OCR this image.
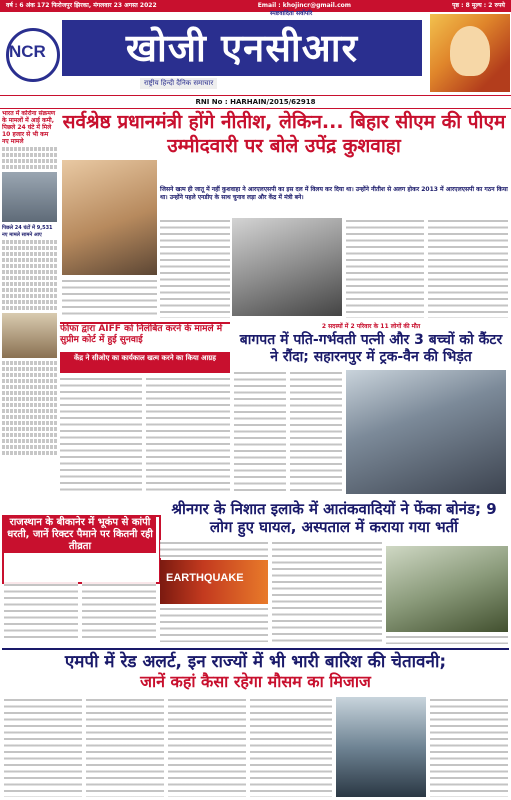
वर्ष : 6 अंक 172 फिरोजपुर झिरका, मंगलवार 23 अगस्त 2022	Email : khojincr@gmail.com	पृष्ठ : 8 मूल्य : 2 रुपये
NCR	खोजी एनसीआर
स्पष्टवादिता सर्वोपरि
राष्ट्रीय हिन्दी दैनिक समाचार
RNI No : HARHAIN/2015/62918
भारत में कोरोना संक्रमण के मामलों में आई कमी, पिछले 24 घंटे में मिले 10 हजार से भी कम नए मामले
पिछले 24 घंटों में 9,531 नए मामले सामने आए
सर्वश्रेष्ठ प्रधानमंत्री होंगे नीतीश, लेकिन... बिहार सीएम की पीएम उम्मीदवारी पर बोले उपेंद्र कुशवाहा
जिसने खत्म ही जातू में नहीं कुशवाहा ने आरएलएसपी का इस दल में विलय कर दिया था। उन्होंने नीतीश से अलग होकर 2013 में आरएलएसपी का गठन किया था। उन्होंने पहले एनडीए के साथ चुनाव लड़ा और केंद्र में मंत्री बने।
फीफा द्वारा AIFF को निलंबित करने के मामले में सुप्रीम कोर्ट में हुई सुनवाई
केंद्र ने सीओए का कार्यकाल खत्म करने का किया आग्रह
2 सदस्यों में 2 परिवार के 11 लोगों की मौत
बागपत में पति-गर्भवती पत्नी और 3 बच्चों को कैंटर ने रौंदा; सहारनपुर में ट्रक-वैन की भिड़ंत
श्रीनगर के निशात इलाके में आतंकवादियों ने फेंका बोनंड; 9 लोग हुए घायल, अस्पताल में कराया गया भर्ती
राजस्थान के बीकानेर में भूकंप से कांपी धरती, जानें रिक्टर पैमाने पर कितनी रही तीव्रता
EARTHQUAKE
एमपी में रेड अलर्ट, इन राज्यों में भी भारी बारिश की चेतावनी;
जानें कहां कैसा रहेगा मौसम का मिजाज
